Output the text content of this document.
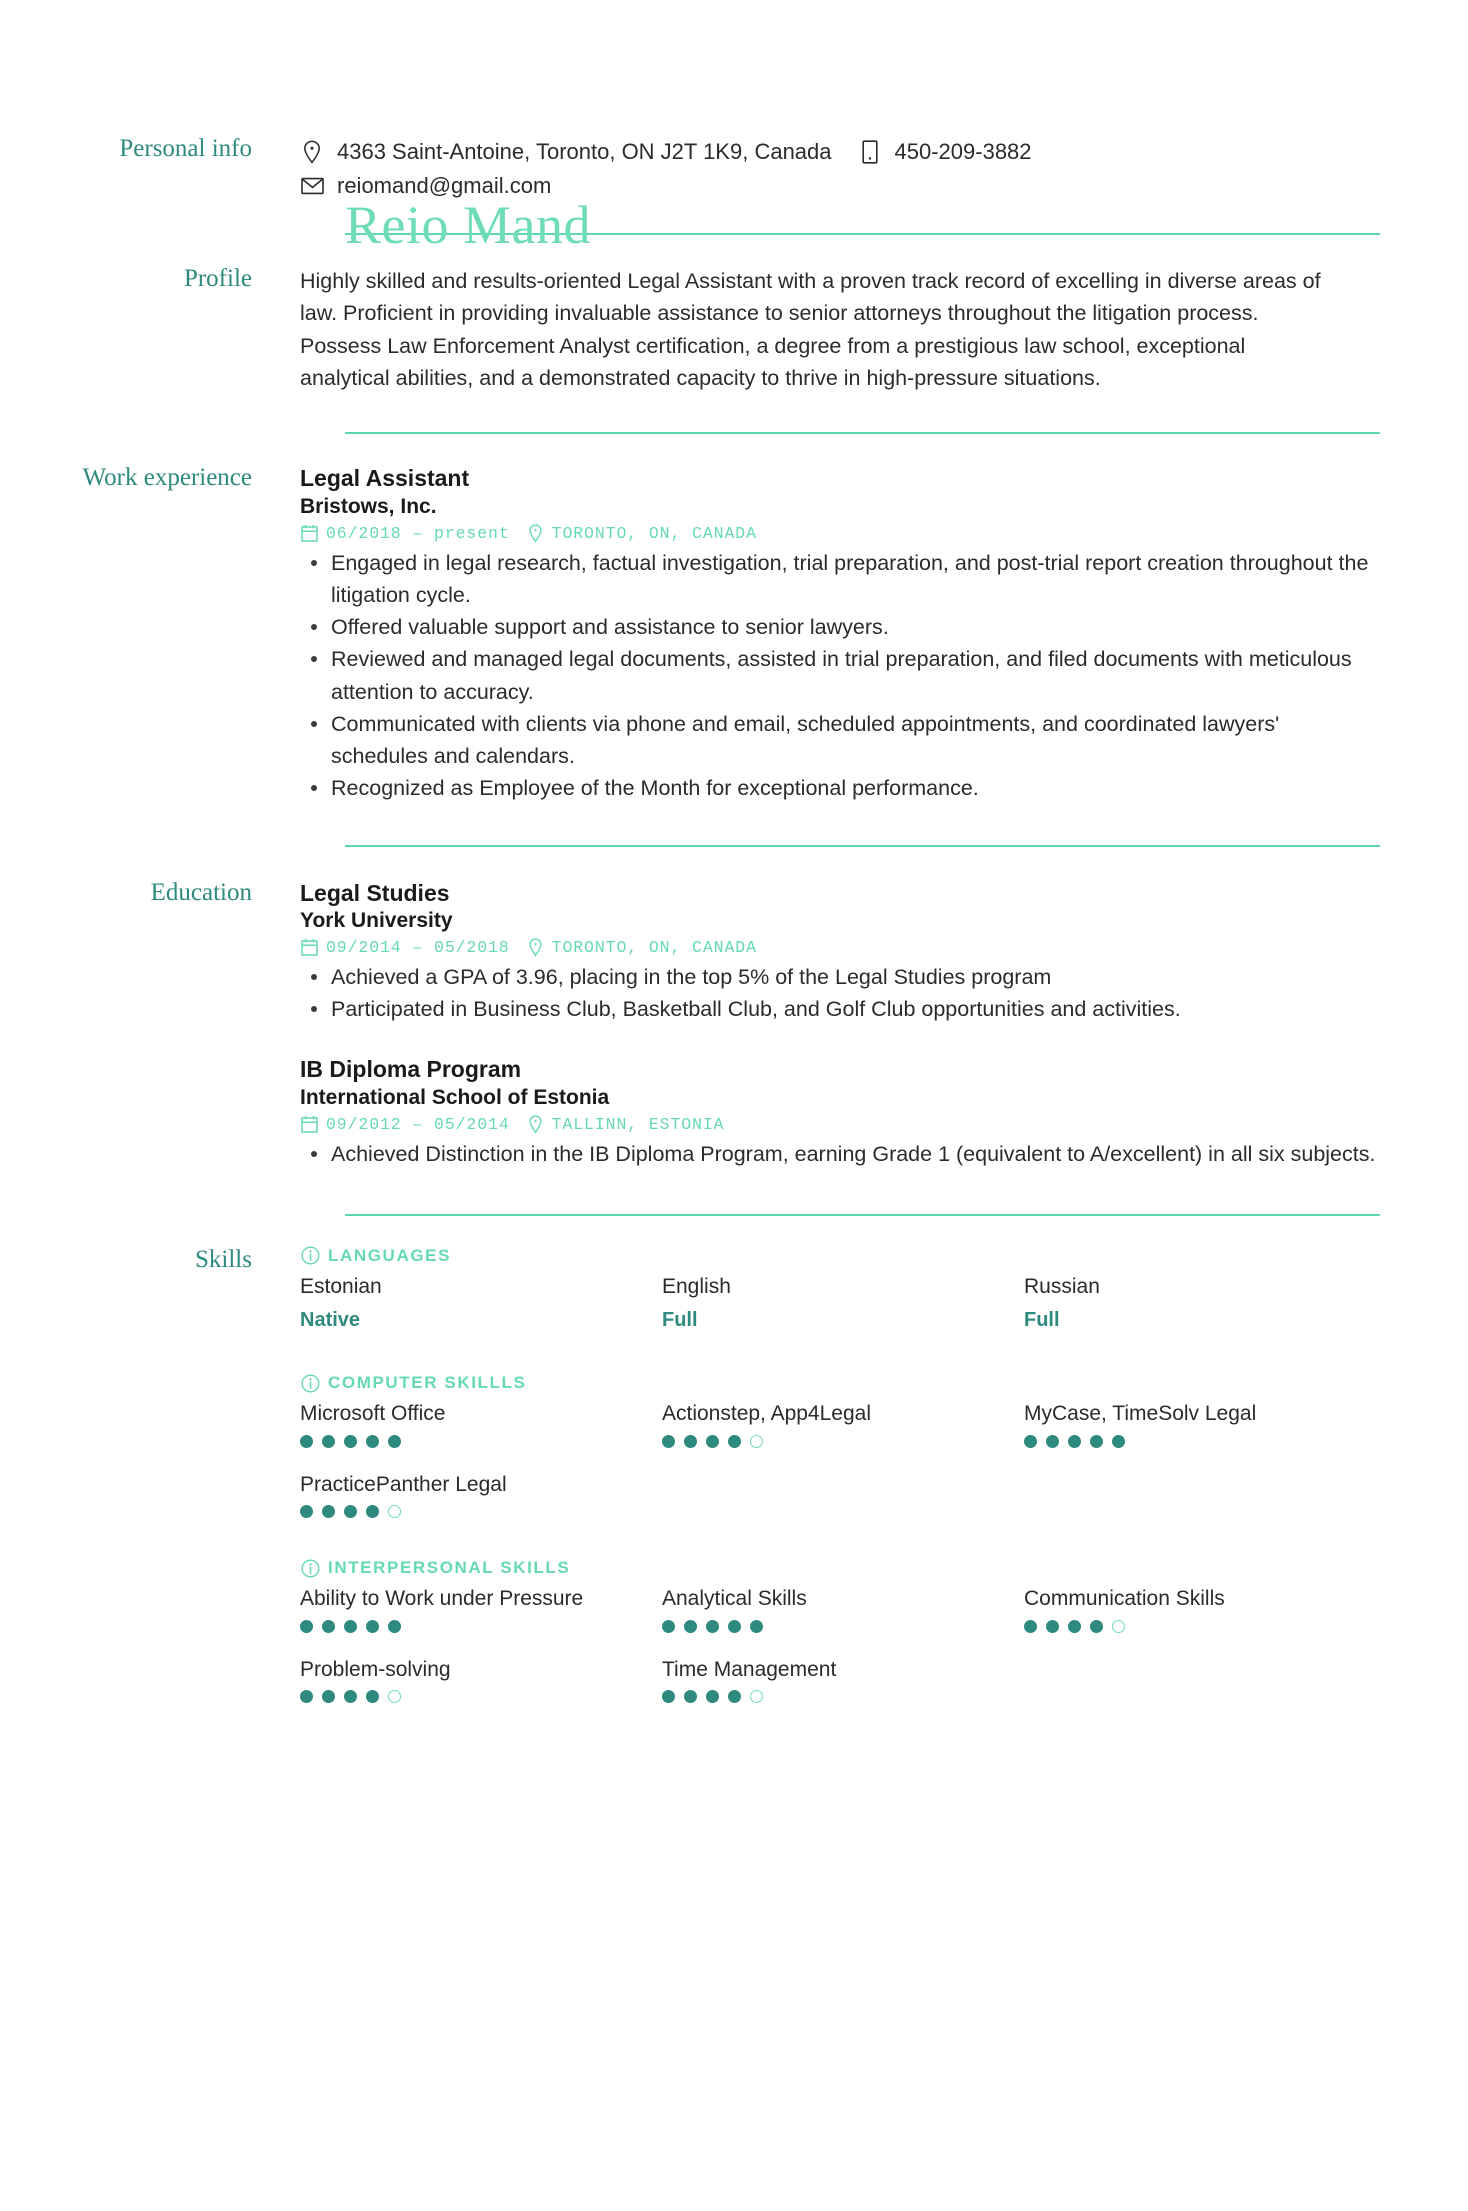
Reio Mand
Personal info	4363 Saint-Antoine, Toronto, ON J2T 1K9, Canada	450-209-3882
reiomand@gmail.com
Profile	Highly skilled and results-oriented Legal Assistant with a proven track record of excelling in diverse areas of law. Proficient in providing invaluable assistance to senior attorneys throughout the litigation process. Possess Law Enforcement Analyst certification, a degree from a prestigious law school, exceptional analytical abilities, and a demonstrated capacity to thrive in high-pressure situations.
Work experience	Legal Assistant
Bristows, Inc.
06/2018 – present	TORONTO, ON, CANADA
Engaged in legal research, factual investigation, trial preparation, and post-trial report creation throughout the litigation cycle.
Offered valuable support and assistance to senior lawyers.
Reviewed and managed legal documents, assisted in trial preparation, and filed documents with meticulous attention to accuracy.
Communicated with clients via phone and email, scheduled appointments, and coordinated lawyers' schedules and calendars.
Recognized as Employee of the Month for exceptional performance.
Education	Legal Studies
York University
09/2014 – 05/2018	TORONTO, ON, CANADA
Achieved a GPA of 3.96, placing in the top 5% of the Legal Studies program
Participated in Business Club, Basketball Club, and Golf Club opportunities and activities.
IB Diploma Program
International School of Estonia
09/2012 – 05/2014	TALLINN, ESTONIA
Achieved Distinction in the IB Diploma Program, earning Grade 1 (equivalent to A/excellent) in all six subjects.
Skills	LANGUAGES
Estonian
Native
English
Full
Russian
Full
COMPUTER SKILLLS
Microsoft Office	Actionstep, App4Legal	MyCase, TimeSolv Legal
PracticePanther Legal
INTERPERSONAL SKILLS
Ability to Work under Pressure	Analytical Skills	Communication Skills
Problem-solving	Time Management
